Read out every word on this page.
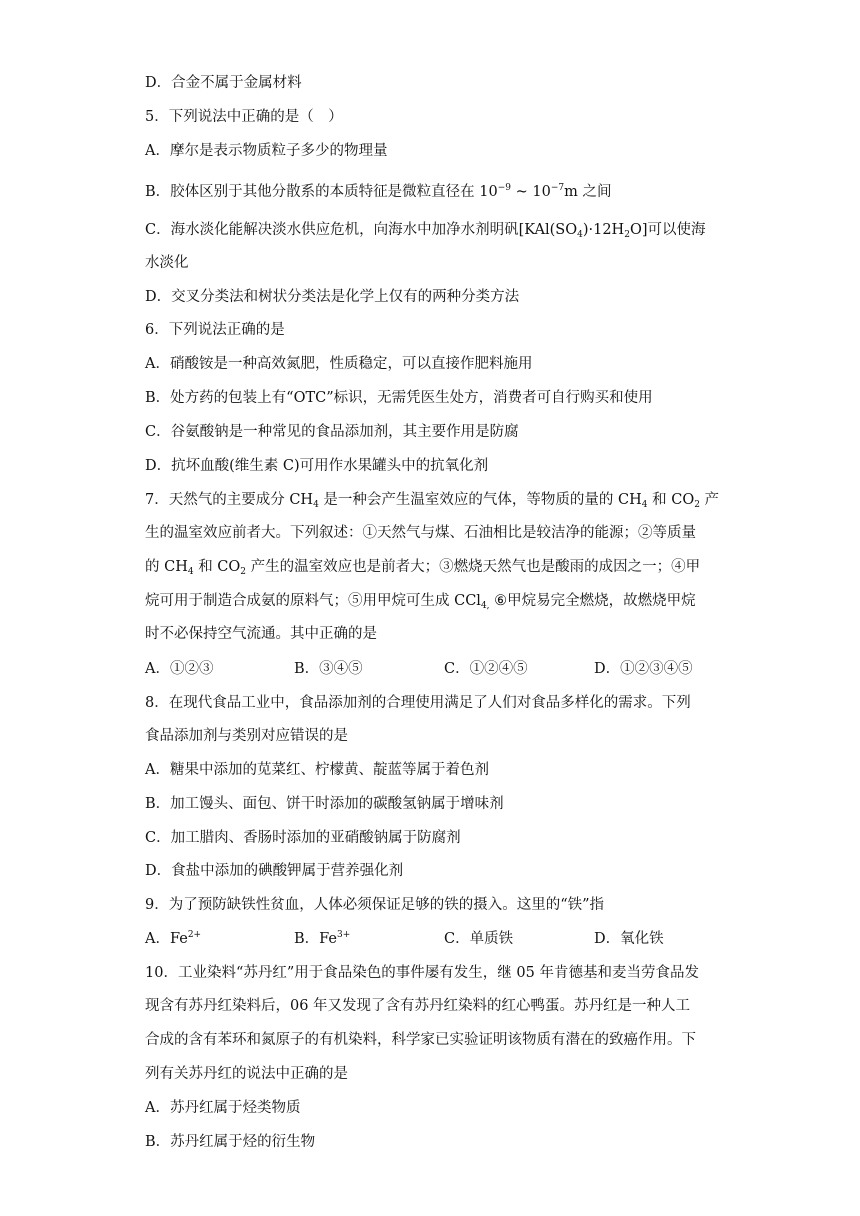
D．合金不属于金属材料
5．下列说法中正确的是（　）
A．摩尔是表示物质粒子多少的物理量
B．胶体区别于其他分散系的本质特征是微粒直径在 $10^{-9}$ ~ $10^{-7}m$ 之间
C．海水淡化能解决淡水供应危机，向海水中加净水剂明矾$[KAl(SO_4)\cdot 12H_2O]$可以使海
水淡化
D．交叉分类法和树状分类法是化学上仅有的两种分类方法
6．下列说法正确的是
A．硝酸铵是一种高效氮肥，性质稳定，可以直接作肥料施用
B．处方药的包装上有“OTC”标识，无需凭医生处方，消费者可自行购买和使用
C．谷氨酸钠是一种常见的食品添加剂，其主要作用是防腐
D．抗坏血酸(维生素 C)可用作水果罐头中的抗氧化剂
7．天然气的主要成分 $CH_4$ 是一种会产生温室效应的气体，等物质的量的 $CH_4$ 和 $CO_2$ 产
生的温室效应前者大。下列叙述：①天然气与煤、石油相比是较洁净的能源；②等质量
的 $CH_4$ 和 $CO_2$ 产生的温室效应也是前者大；③燃烧天然气也是酸雨的成因之一；④甲
烷可用于制造合成氨的原料气；⑤用甲烷可生成 CCl$_{4,}$ ⑥甲烷易完全燃烧，故燃烧甲烷
时不必保持空气流通。其中正确的是
A．①②③	B．③④⑤	C．①②④⑤	D．①②③④⑤
8．在现代食品工业中，食品添加剂的合理使用满足了人们对食品多样化的需求。下列
食品添加剂与类别对应错误的是
A．糖果中添加的苋菜红、柠檬黄、靛蓝等属于着色剂
B．加工馒头、面包、饼干时添加的碳酸氢钠属于增味剂
C．加工腊肉、香肠时添加的亚硝酸钠属于防腐剂
D．食盐中添加的碘酸钾属于营养强化剂
9．为了预防缺铁性贫血，人体必须保证足够的铁的摄入。这里的“铁”指
A．$Fe^{2+}$	B．$Fe^{3+}$	C．单质铁	D．氧化铁
10．工业染料“苏丹红”用于食品染色的事件屡有发生，继 05 年肯德基和麦当劳食品发
现含有苏丹红染料后，06 年又发现了含有苏丹红染料的红心鸭蛋。苏丹红是一种人工
合成的含有苯环和氮原子的有机染料，科学家已实验证明该物质有潜在的致癌作用。下
列有关苏丹红的说法中正确的是
A．苏丹红属于烃类物质
B．苏丹红属于烃的衍生物
